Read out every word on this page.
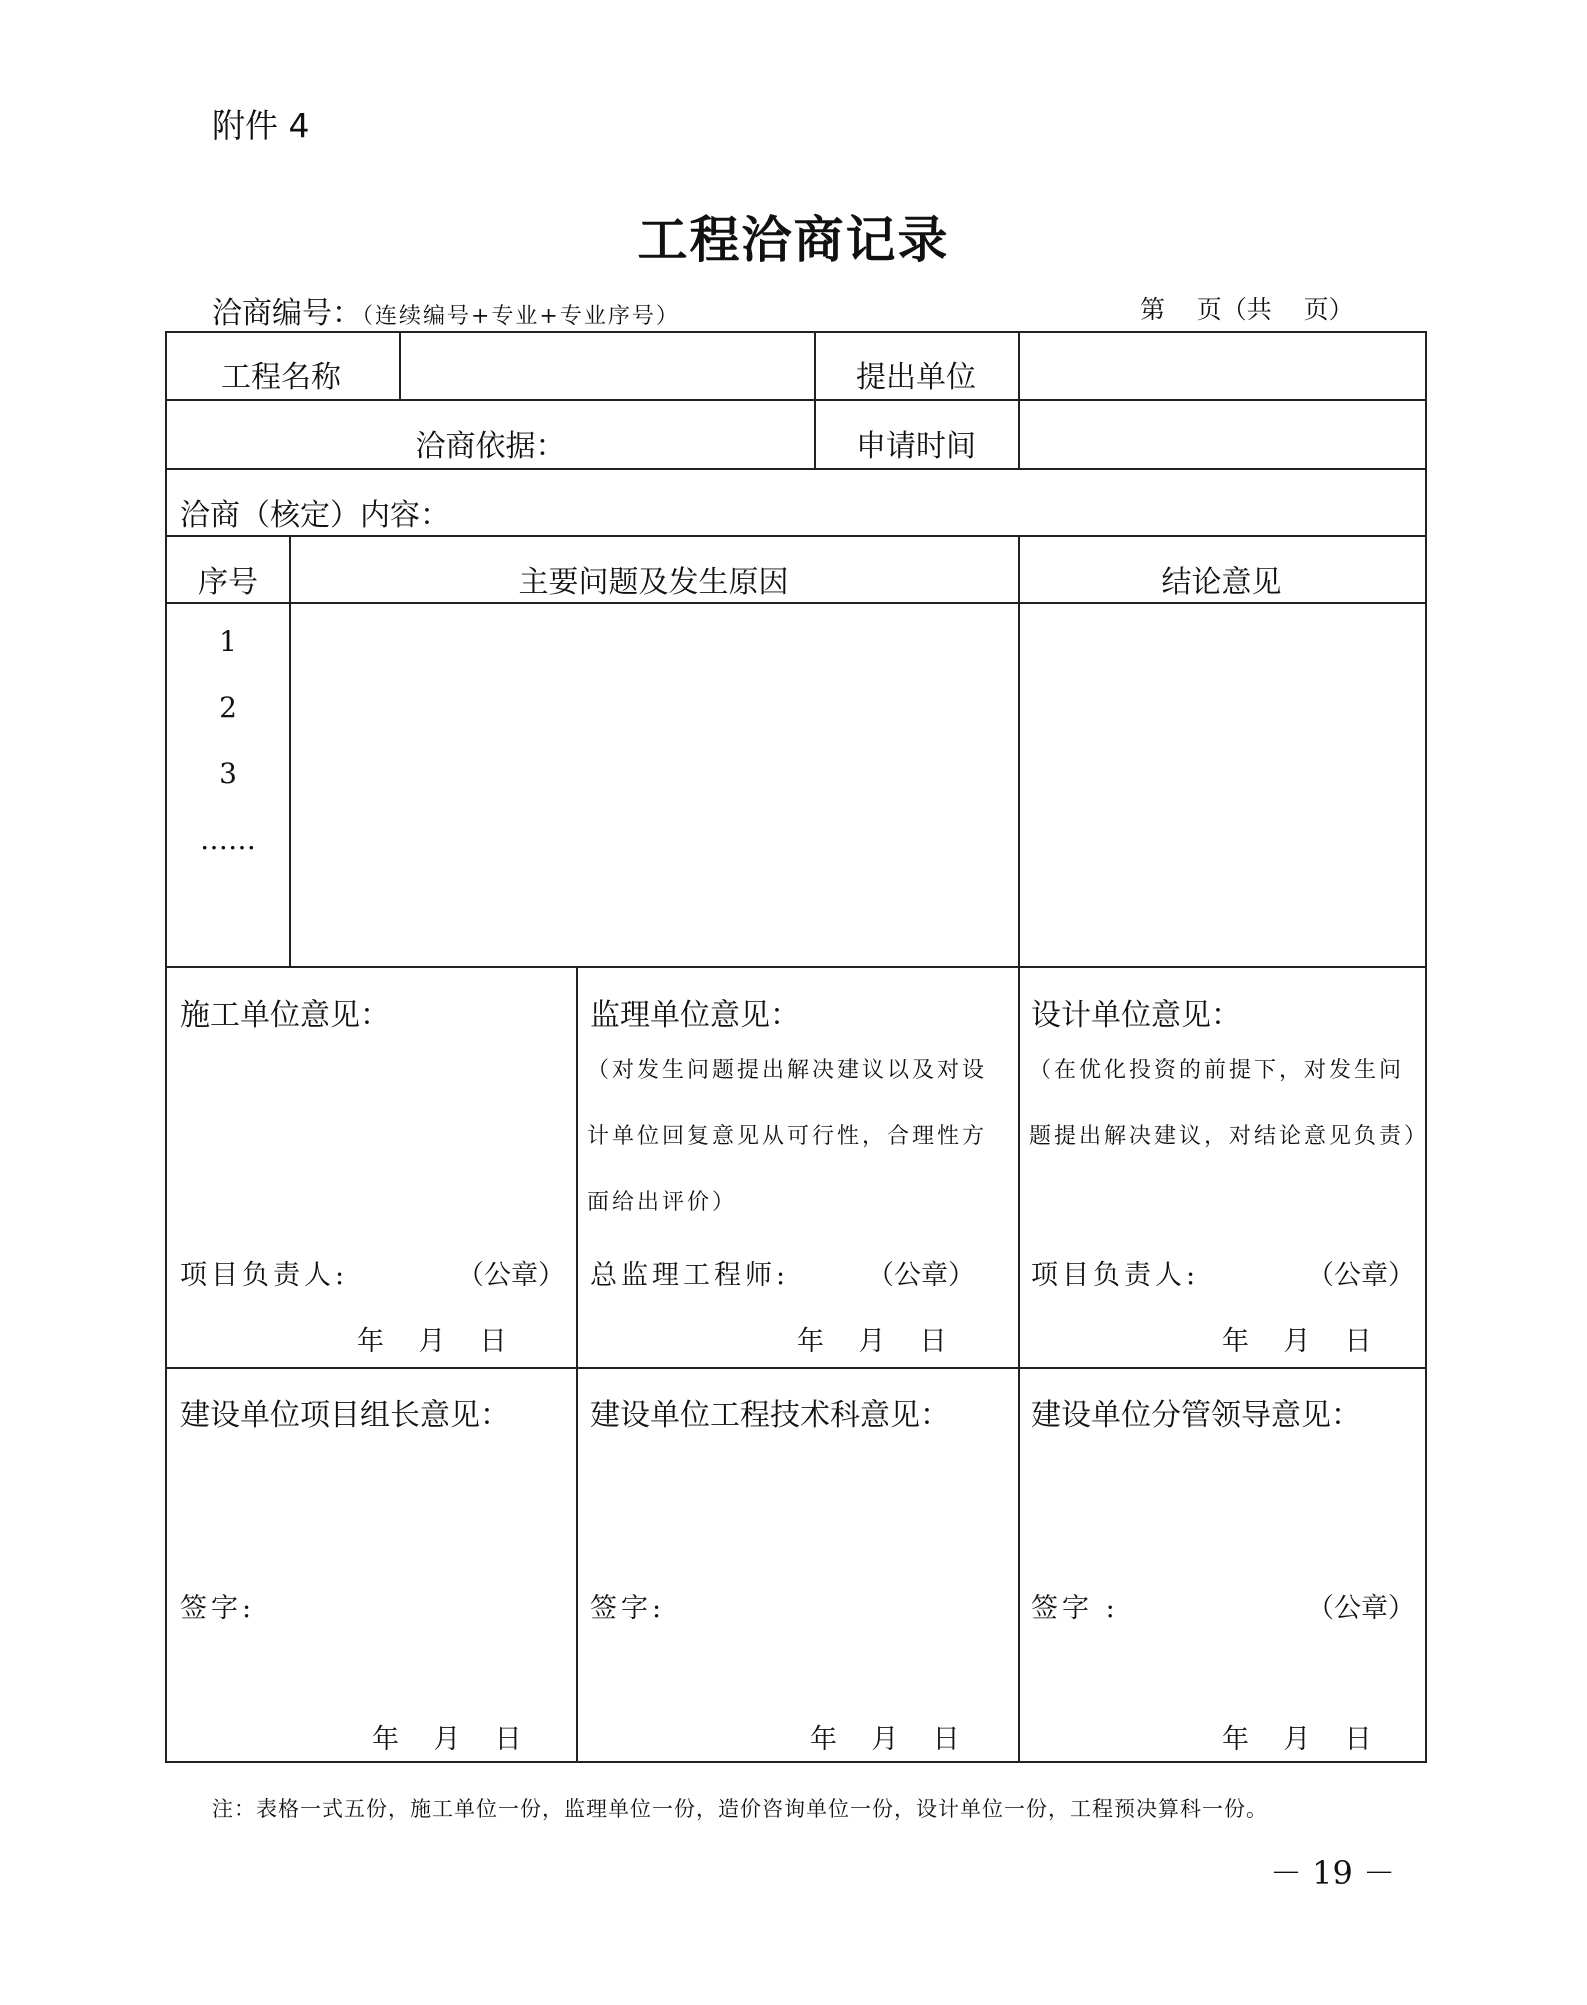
附件 4
工程洽商记录
洽商编号：（连续编号+专业+专业序号）	第    页（共    页）
工程名称	提出单位
洽商依据：	申请时间
洽商（核定）内容：
序号	主要问题及发生原因	结论意见
1
2
3
……
施工单位意见：
项目负责人:	（公章）
年    月    日
监理单位意见：
（对发生问题提出解决建议以及对设计单位回复意见从可行性，合理性方面给出评价）
总监理工程师:	（公章）
年    月    日
设计单位意见：
（在优化投资的前提下，对发生问题提出解决建议，对结论意见负责）
项目负责人:	（公章）
年    月    日
建设单位项目组长意见：
签字:
年    月    日
建设单位工程技术科意见：
签字:
年    月    日
建设单位分管领导意见：
签字 :	（公章）
年    月    日
注：表格一式五份，施工单位一份，监理单位一份，造价咨询单位一份，设计单位一份，工程预决算科一份。
－ 19 －
